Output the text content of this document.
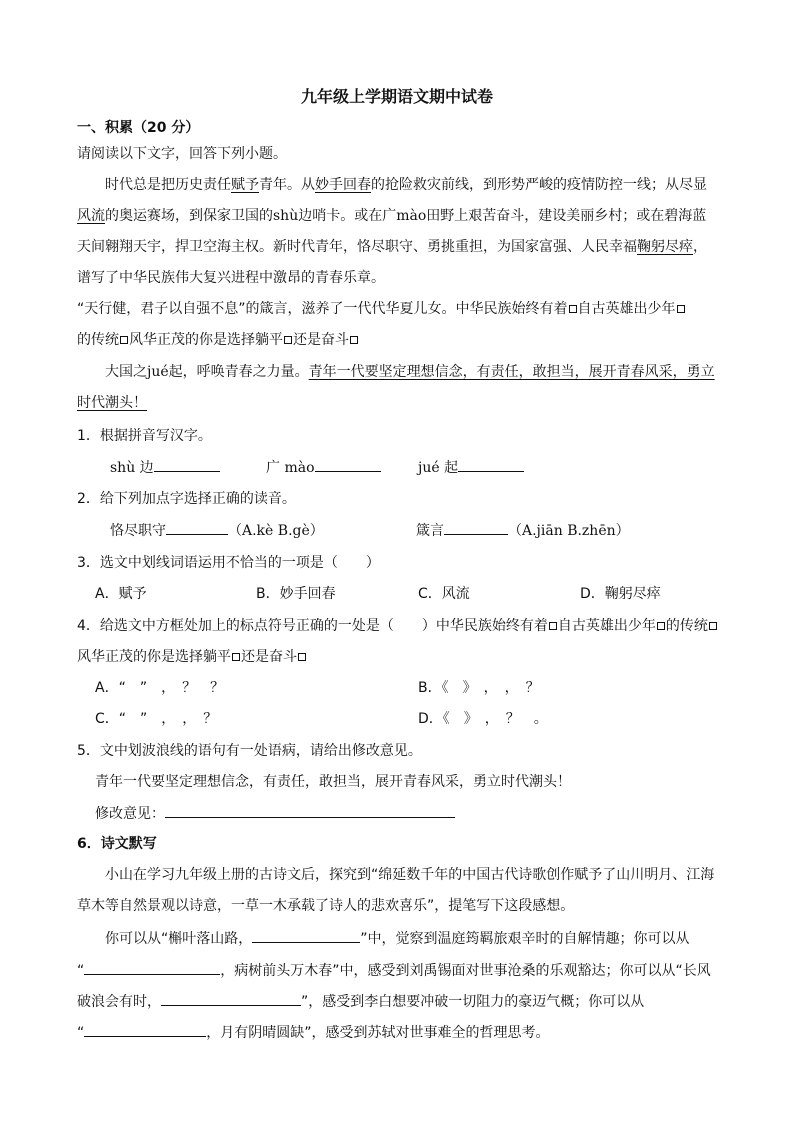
九年级上学期语文期中试卷
一、积累（20 分）
请阅读以下文字，回答下列小题。
时代总是把历史责任赋予青年。从妙手回春的抢险救灾前线，到形势严峻的疫情防控一线；从尽显
风流的奥运赛场，到保家卫国的shù边哨卡。或在广mào田野上艰苦奋斗，建设美丽乡村；或在碧海蓝
天间翱翔天宇，捍卫空海主权。新时代青年，恪尽职守、勇挑重担，为国家富强、人民幸福鞠躬尽瘁，
谱写了中华民族伟大复兴进程中激昂的青春乐章。
“天行健，君子以自强不息”的箴言，滋养了一代代华夏儿女。中华民族始终有着 自古英雄出少年
的传统 风华正茂的你是选择躺平 还是奋斗
大国之jué起，呼唤青春之力量。青年一代要坚定理想信念，有责任，敢担当，展开青春风采，勇立
时代潮头！
1．根据拼音写汉字。
shù 边	广 mào	jué 起
2．给下列加点字选择正确的读音。
恪尽职守	（A.kè B.gè）	箴言	（A.jiān B.zhēn）
3．选文中划线词语运用不恰当的一项是（　　）
A．赋予	B．妙手回春	C．风流	D．鞠躬尽瘁
4．给选文中方框处加上的标点符号正确的一处是（　　）中华民族始终有着 自古英雄出少年 的传统
风华正茂的你是选择躺平 还是奋斗
A．“　”　，　？　？	B．《　》　，　，　？
C．“　”　，　，　？	D．《　》　，　？　。
5．文中划波浪线的语句有一处语病，请给出修改意见。
青年一代要坚定理想信念，有责任，敢担当，展开青春风采，勇立时代潮头！
修改意见：
6．诗文默写
小山在学习九年级上册的古诗文后，探究到“绵延数千年的中国古代诗歌创作赋予了山川明月、江海
草木等自然景观以诗意，一草一木承载了诗人的悲欢喜乐”，提笔写下这段感想。
你可以从“槲叶落山路，	”中，觉察到温庭筠羁旅艰辛时的自解情趣；你可以从
“	，病树前头万木春”中，感受到刘禹锡面对世事沧桑的乐观豁达；你可以从“长风
破浪会有时，	”，感受到李白想要冲破一切阻力的豪迈气概；你可以从
“	，月有阴晴圆缺”，感受到苏轼对世事难全的哲理思考。
